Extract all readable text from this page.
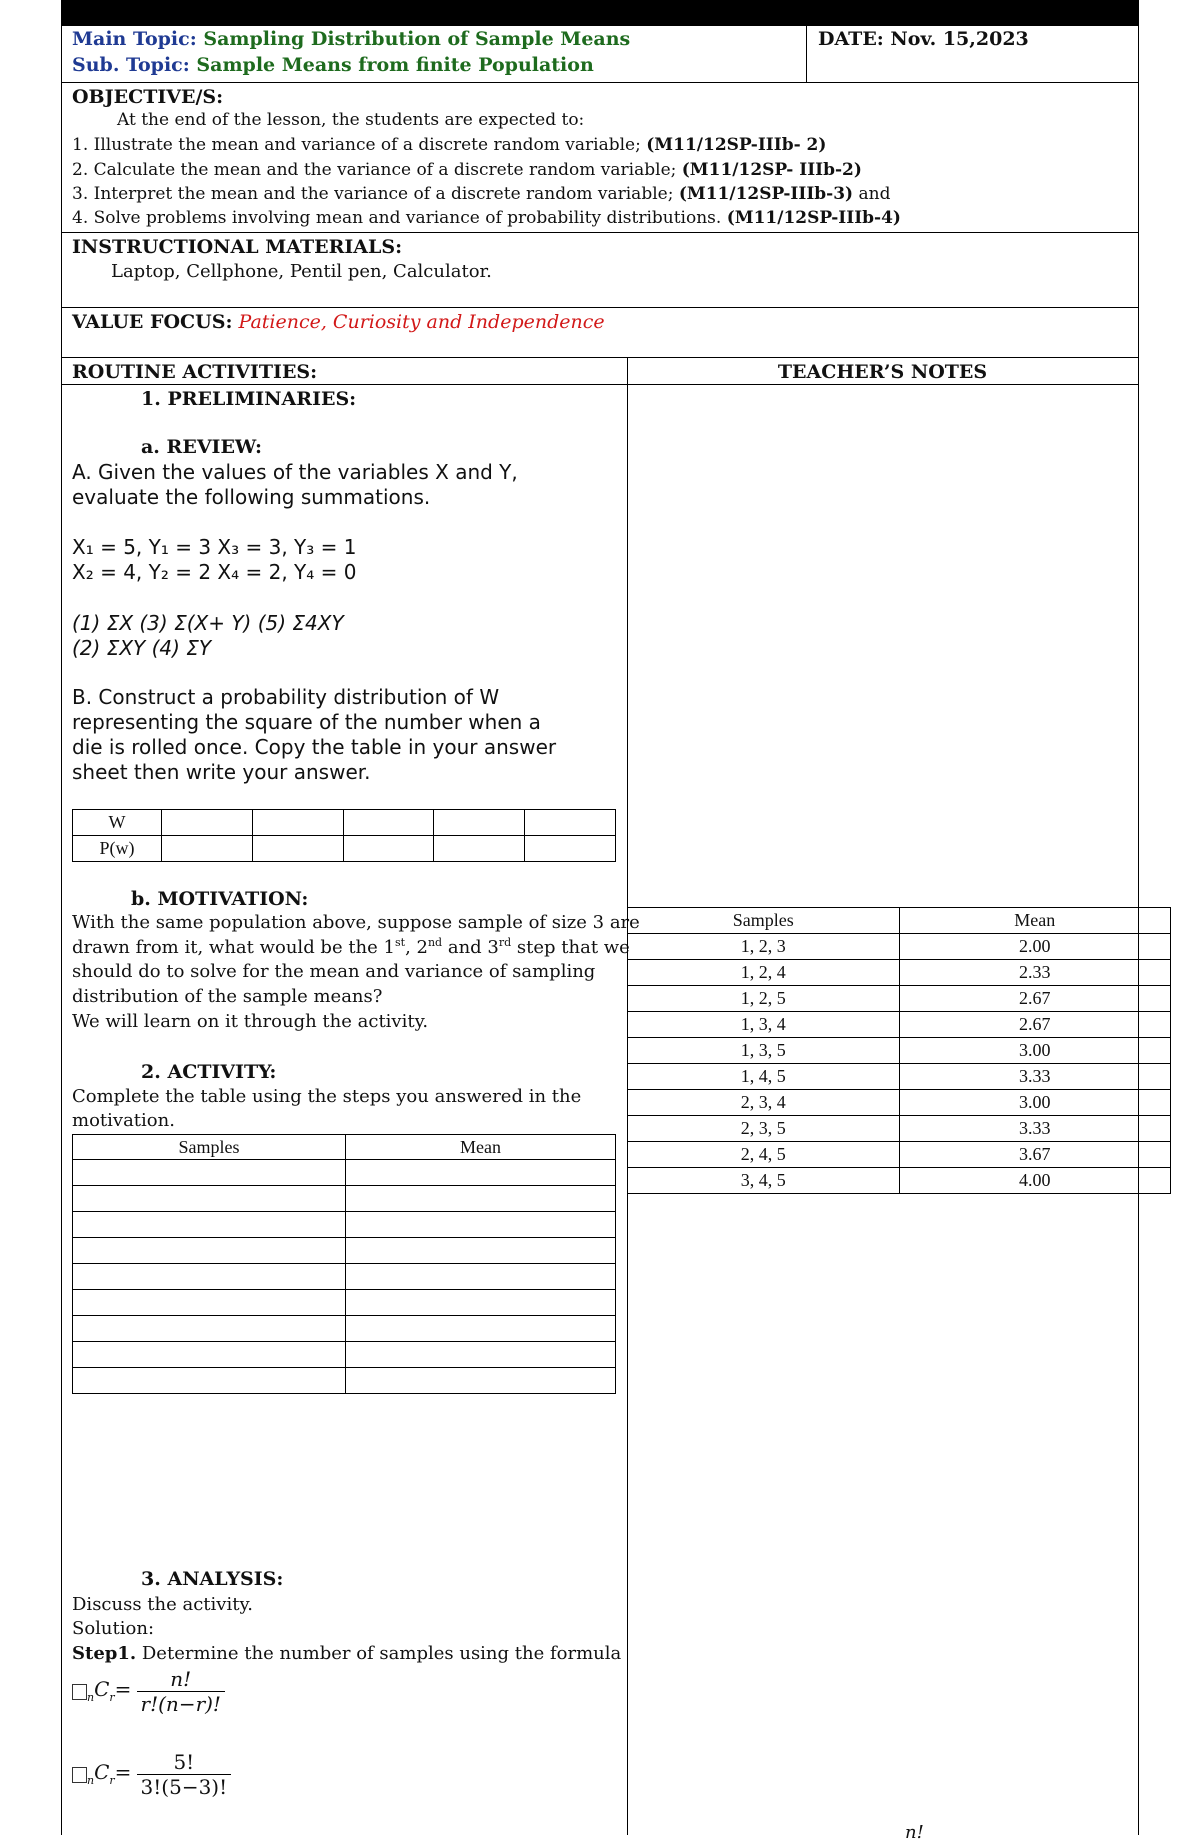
Main Topic: Sampling Distribution of Sample Means
Sub. Topic: Sample Means from finite Population
DATE: Nov. 15,2023
OBJECTIVE/S:
At the end of the lesson, the students are expected to:
1. Illustrate the mean and variance of a discrete random variable; (M11/12SP-IIIb- 2)
2. Calculate the mean and the variance of a discrete random variable; (M11/12SP- IIIb-2)
3. Interpret the mean and the variance of a discrete random variable; (M11/12SP-IIIb-3) and
4. Solve problems involving mean and variance of probability distributions. (M11/12SP-IIIb-4)
INSTRUCTIONAL MATERIALS:
Laptop, Cellphone, Pentil pen, Calculator.
VALUE FOCUS: Patience, Curiosity and Independence
ROUTINE ACTIVITIES:	TEACHER’S NOTES
1. PRELIMINARIES:
a. REVIEW:
A. Given the values of the variables X and Y,
evaluate the following summations.
X₁ = 5, Y₁ = 3 X₃ = 3, Y₃ = 1
X₂ = 4, Y₂ = 2 X₄ = 2, Y₄ = 0
(1) ΣX (3) Σ(X+ Y) (5) Σ4XY
(2) ΣXY (4) ΣY
B. Construct a probability distribution of W
representing the square of the number when a
die is rolled once. Copy the table in your answer
sheet then write your answer.
W					
P(w)					
b. MOTIVATION:
With the same population above, suppose sample of size 3 are
drawn from it, what would be the 1st, 2nd and 3rd step that we
should do to solve for the mean and variance of sampling
distribution of the sample means?
We will learn on it through the activity.
2. ACTIVITY:
Complete the table using the steps you answered in the
motivation.
Samples	Mean

Samples	Mean
1, 2, 3	2.00
1, 2, 4	2.33
1, 2, 5	2.67
1, 3, 4	2.67
1, 3, 5	3.00
1, 4, 5	3.33
2, 3, 4	3.00
2, 3, 5	3.33
2, 4, 5	3.67
3, 4, 5	4.00
3. ANALYSIS:
Discuss the activity.
Solution:
Step1. Determine the number of samples using the formula
$_nC_r= \frac{n!}{r!(n-r)!}$
$_nC_r= \frac{5!}{3!(5-3)!}$
n!
